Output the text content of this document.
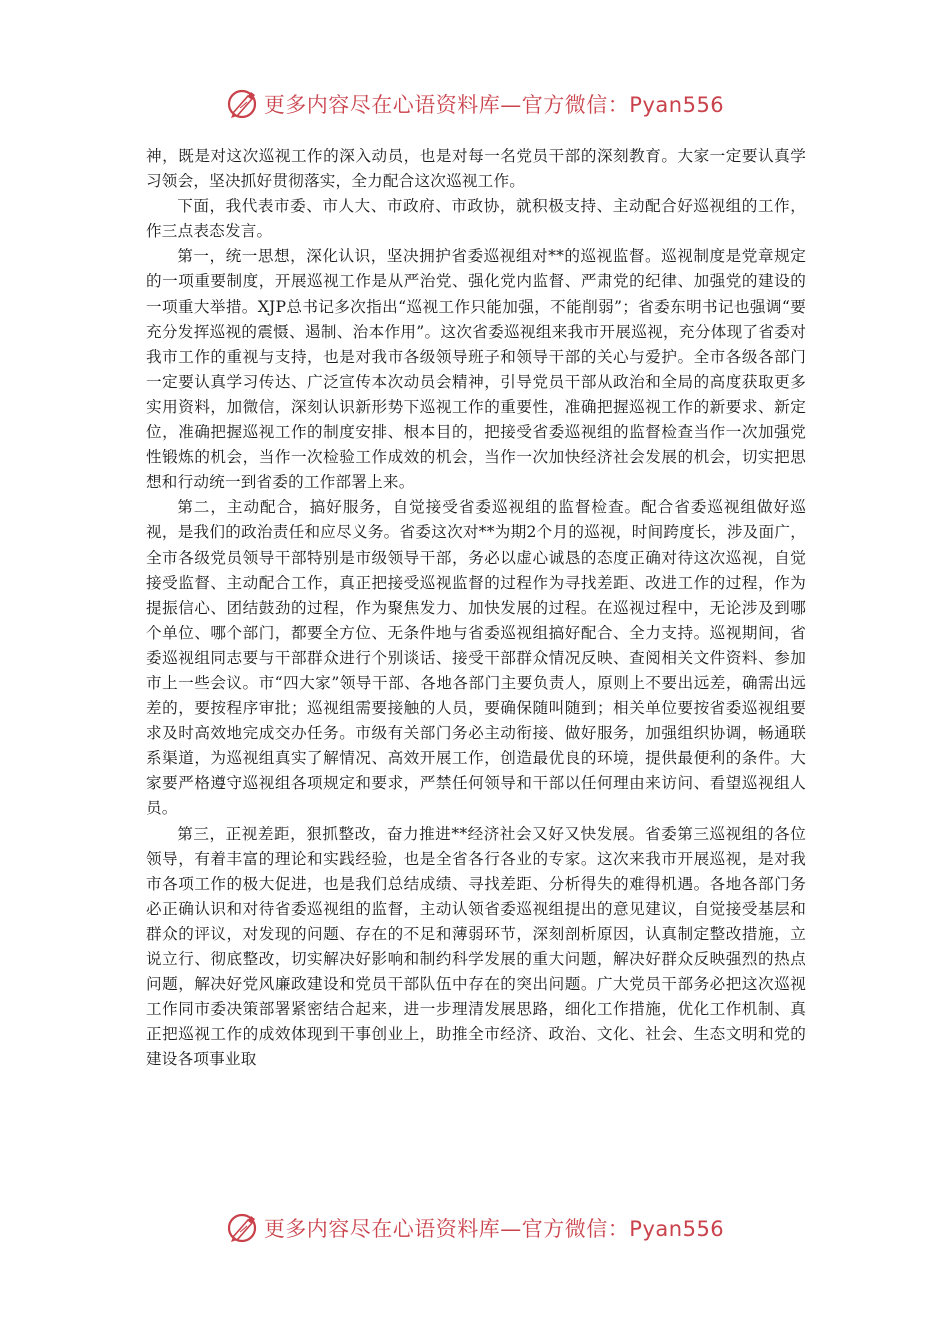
更多内容尽在心语资料库—官方微信：Pyan556

神，既是对这次巡视工作的深入动员，也是对每一名党员干部的深刻教育。大家一定要认真学习领会，坚决抓好贯彻落实，全力配合这次巡视工作。

下面，我代表市委、市人大、市政府、市政协，就积极支持、主动配合好巡视组的工作，作三点表态发言。

第一，统一思想，深化认识，坚决拥护省委巡视组对**的巡视监督。巡视制度是党章规定的一项重要制度，开展巡视工作是从严治党、强化党内监督、严肃党的纪律、加强党的建设的一项重大举措。XJP总书记多次指出“巡视工作只能加强，不能削弱”；省委东明书记也强调“要充分发挥巡视的震慑、遏制、治本作用”。这次省委巡视组来我市开展巡视，充分体现了省委对我市工作的重视与支持，也是对我市各级领导班子和领导干部的关心与爱护。全市各级各部门一定要认真学习传达、广泛宣传本次动员会精神，引导党员干部从政治和全局的高度获取更多实用资料，加微信，深刻认识新形势下巡视工作的重要性，准确把握巡视工作的新要求、新定位，准确把握巡视工作的制度安排、根本目的，把接受省委巡视组的监督检查当作一次加强党性锻炼的机会，当作一次检验工作成效的机会，当作一次加快经济社会发展的机会，切实把思想和行动统一到省委的工作部署上来。

第二，主动配合，搞好服务，自觉接受省委巡视组的监督检查。配合省委巡视组做好巡视，是我们的政治责任和应尽义务。省委这次对**为期2个月的巡视，时间跨度长，涉及面广，全市各级党员领导干部特别是市级领导干部，务必以虚心诚恳的态度正确对待这次巡视，自觉接受监督、主动配合工作，真正把接受巡视监督的过程作为寻找差距、改进工作的过程，作为提振信心、团结鼓劲的过程，作为聚焦发力、加快发展的过程。在巡视过程中，无论涉及到哪个单位、哪个部门，都要全方位、无条件地与省委巡视组搞好配合、全力支持。巡视期间，省委巡视组同志要与干部群众进行个别谈话、接受干部群众情况反映、查阅相关文件资料、参加市上一些会议。市“四大家”领导干部、各地各部门主要负责人，原则上不要出远差，确需出远差的，要按程序审批；巡视组需要接触的人员，要确保随叫随到；相关单位要按省委巡视组要求及时高效地完成交办任务。市级有关部门务必主动衔接、做好服务，加强组织协调，畅通联系渠道，为巡视组真实了解情况、高效开展工作，创造最优良的环境，提供最便利的条件。大家要严格遵守巡视组各项规定和要求，严禁任何领导和干部以任何理由来访问、看望巡视组人员。

第三，正视差距，狠抓整改，奋力推进**经济社会又好又快发展。省委第三巡视组的各位领导，有着丰富的理论和实践经验，也是全省各行各业的专家。这次来我市开展巡视，是对我市各项工作的极大促进，也是我们总结成绩、寻找差距、分析得失的难得机遇。各地各部门务必正确认识和对待省委巡视组的监督，主动认领省委巡视组提出的意见建议，自觉接受基层和群众的评议，对发现的问题、存在的不足和薄弱环节，深刻剖析原因，认真制定整改措施，立说立行、彻底整改，切实解决好影响和制约科学发展的重大问题，解决好群众反映强烈的热点问题，解决好党风廉政建设和党员干部队伍中存在的突出问题。广大党员干部务必把这次巡视工作同市委决策部署紧密结合起来，进一步理清发展思路，细化工作措施，优化工作机制、真正把巡视工作的成效体现到干事创业上，助推全市经济、政治、文化、社会、生态文明和党的建设各项事业取

更多内容尽在心语资料库—官方微信：Pyan556
